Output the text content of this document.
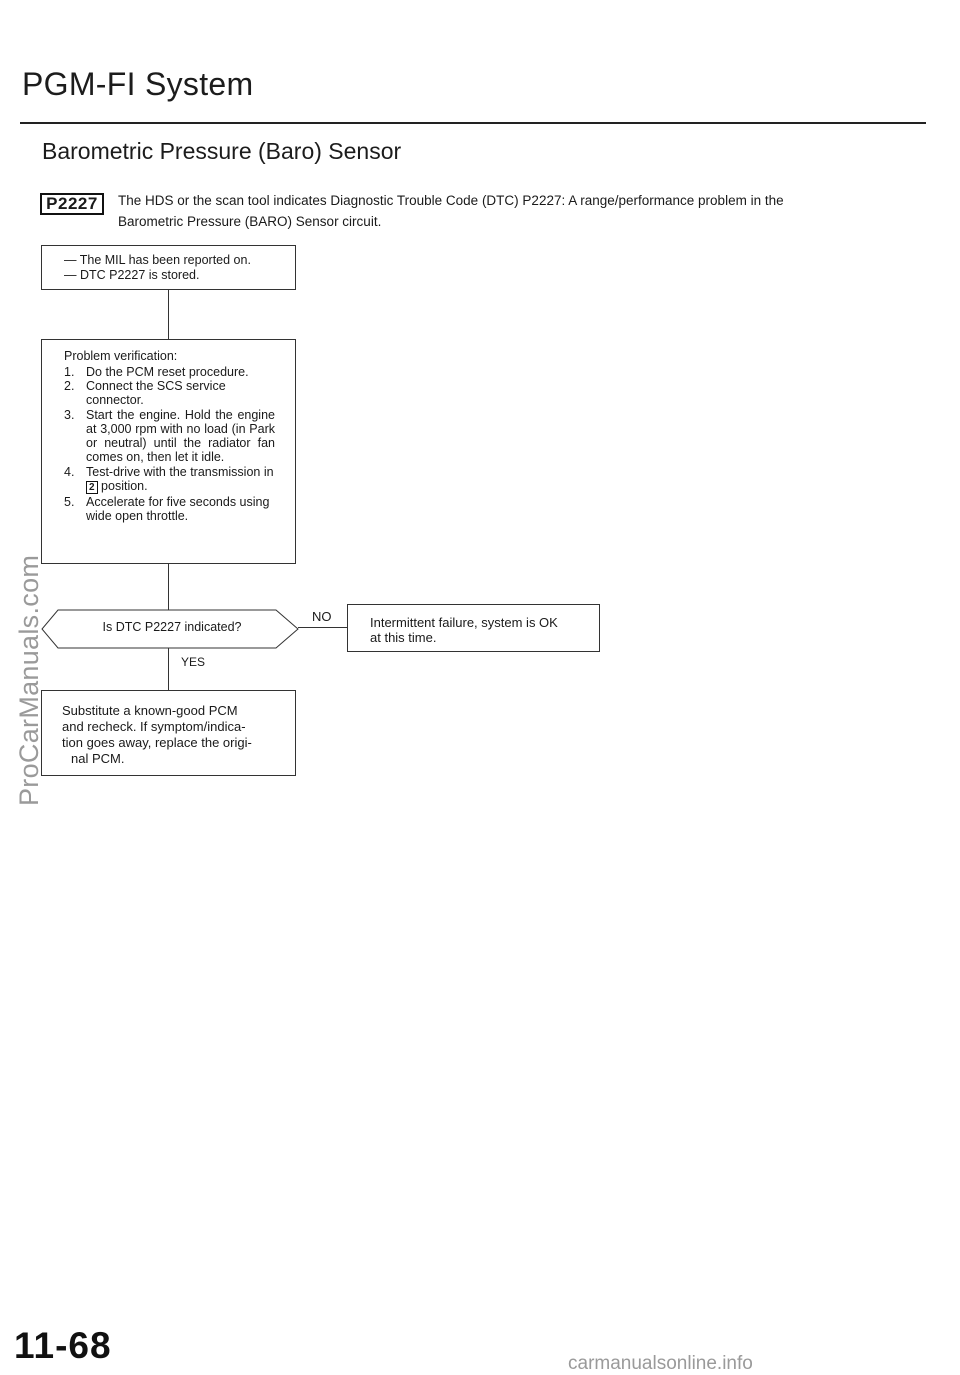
PGM-FI System
Barometric Pressure (Baro) Sensor
P2227	The HDS or the scan tool indicates Diagnostic Trouble Code (DTC) P2227: A range/performance problem in the
Barometric Pressure (BARO) Sensor circuit.
— The MIL has been reported on.
— DTC P2227 is stored.
Problem verification:
1. Do the PCM reset procedure.
2. Connect the SCS service connector.
3. Start the engine. Hold the engine at 3,000 rpm with no load (in Park or neutral) until the radiator fan comes on, then let it idle.
4. Test-drive with the transmission in 2 position.
5. Accelerate for five seconds using wide open throttle.
Is DTC P2227 indicated?
NO	Intermittent failure, system is OK
at this time.
YES
Substitute a known-good PCM
and recheck. If symptom/indica-
tion goes away, replace the origi-
nal PCM.
ProCarManuals.com
11-68	carmanualsonline.info
